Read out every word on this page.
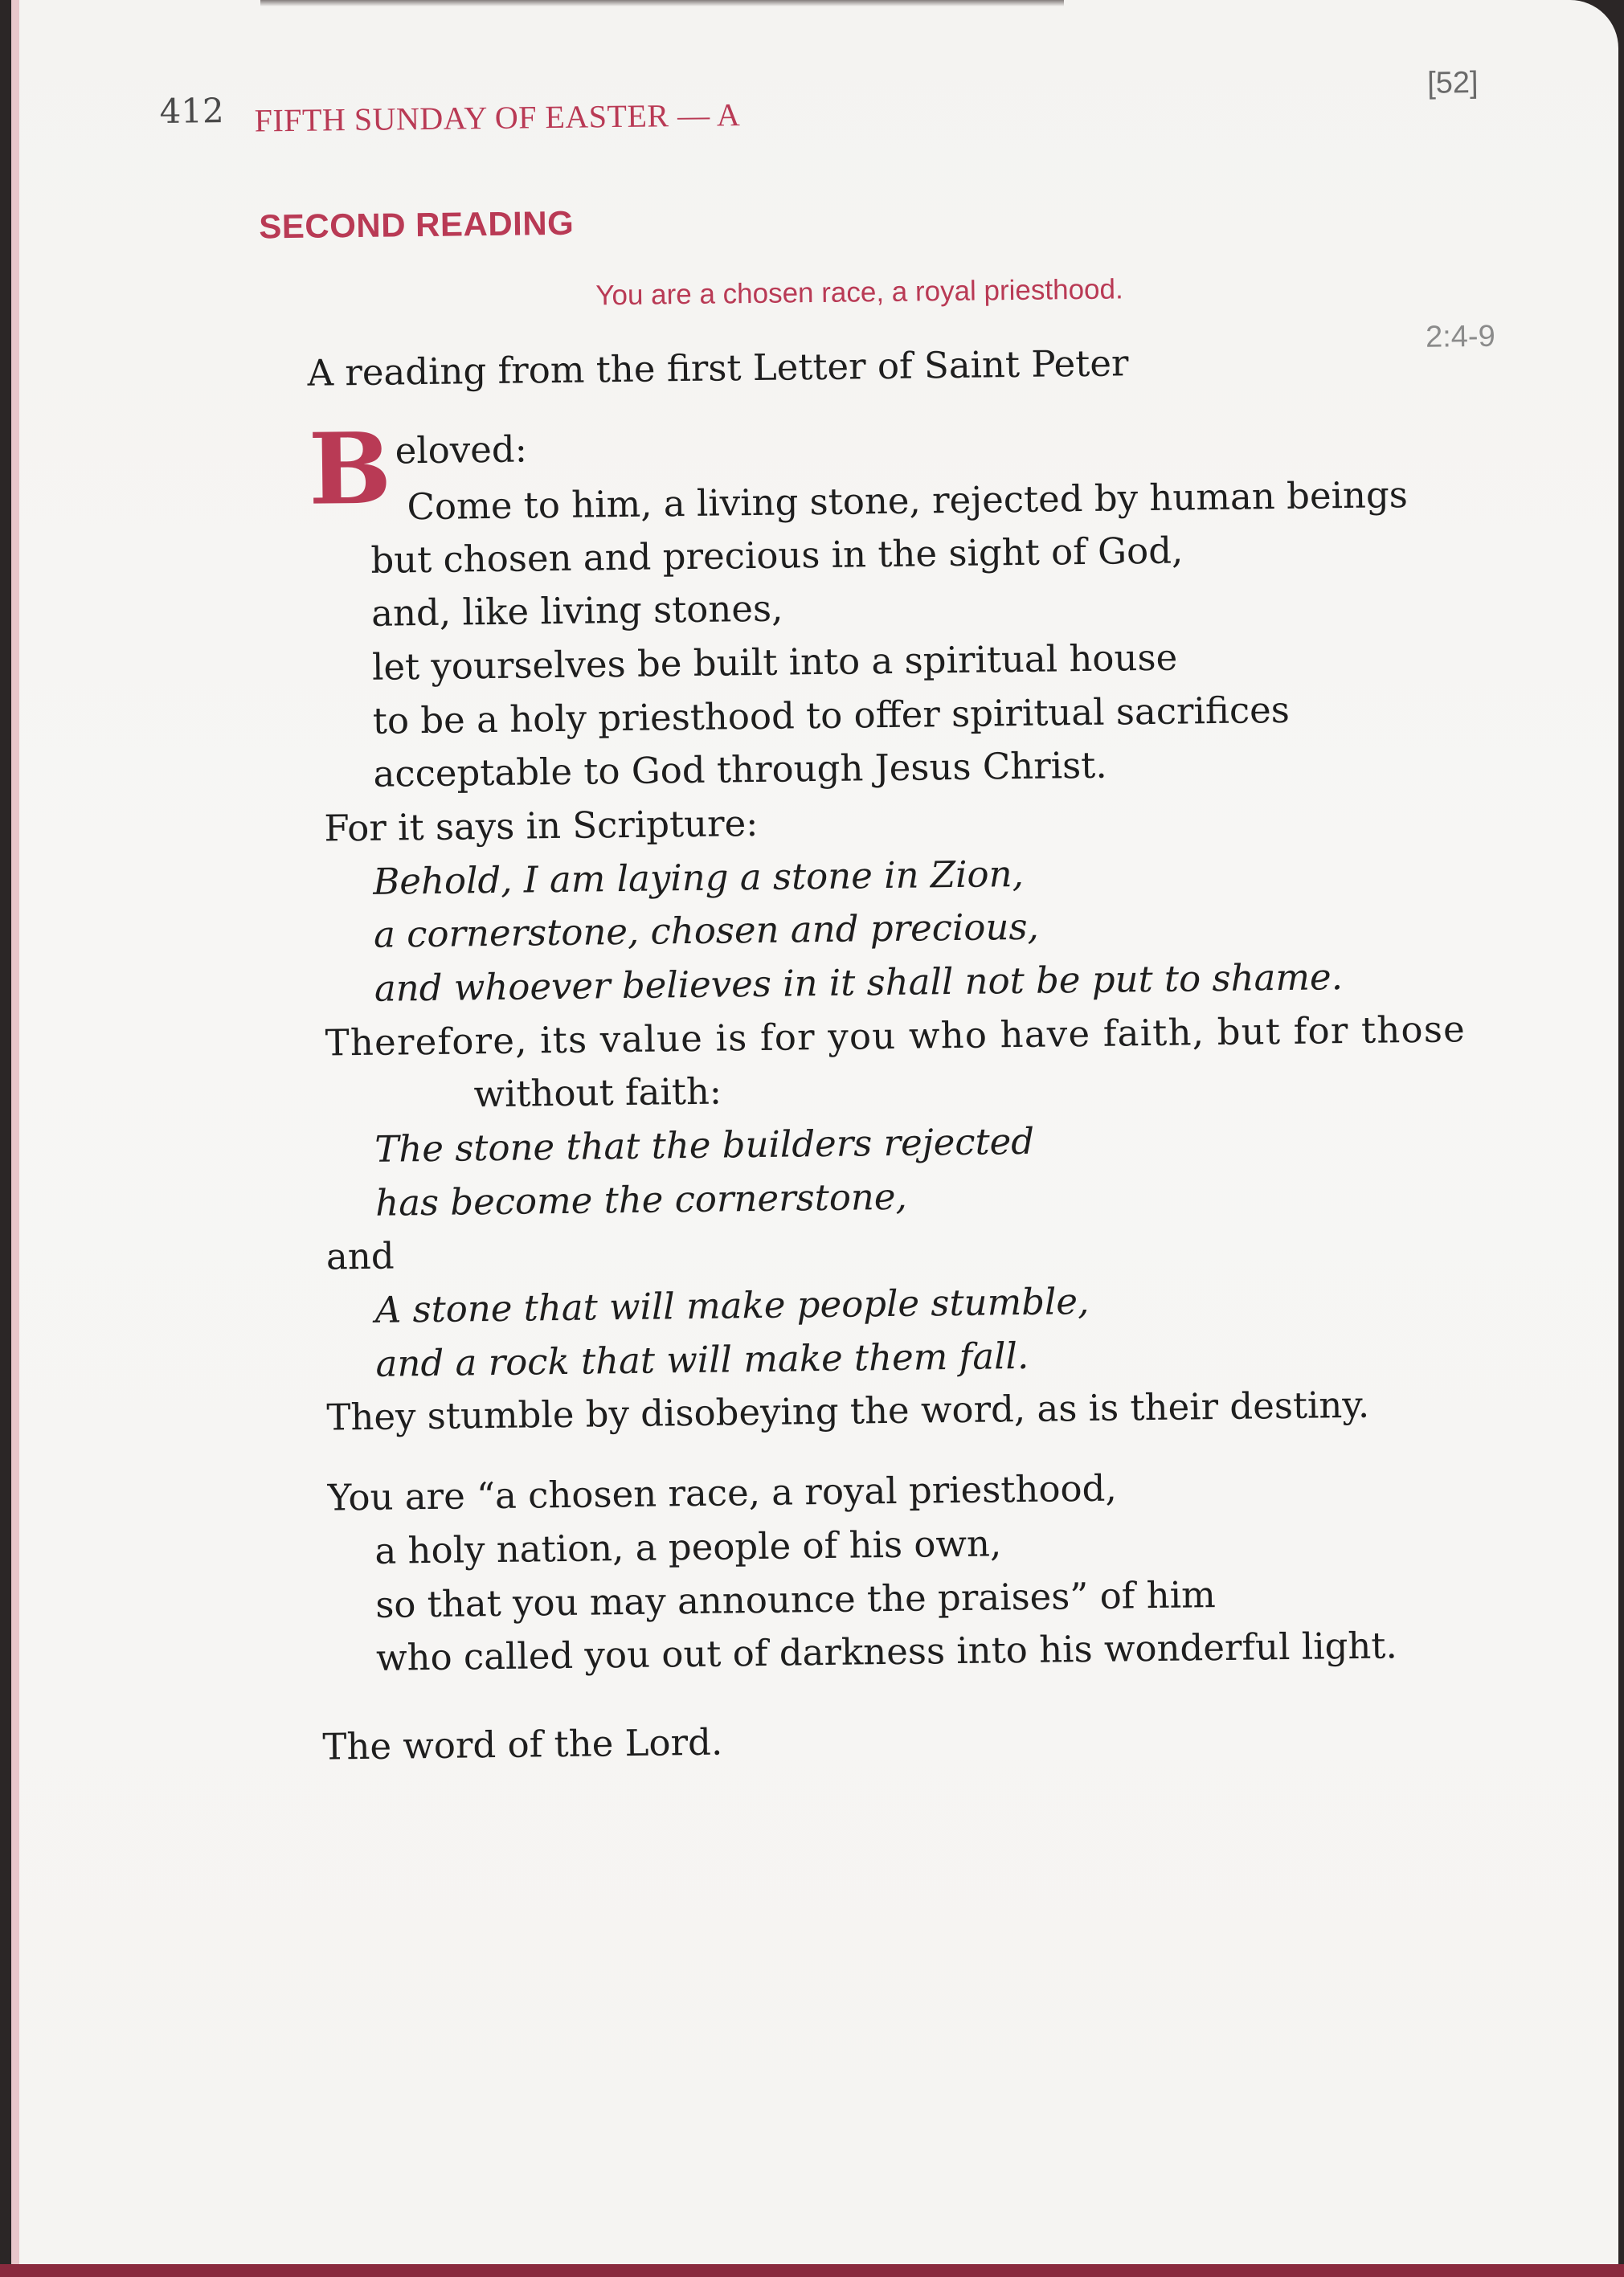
412 FIFTH SUNDAY OF EASTER — A
[52]
SECOND READING
You are a chosen race, a royal priesthood.
A reading from the first Letter of Saint Peter
2:4-9
B eloved:
Come to him, a living stone, rejected by human beings
but chosen and precious in the sight of God,
and, like living stones,
let yourselves be built into a spiritual house
to be a holy priesthood to offer spiritual sacrifices
acceptable to God through Jesus Christ.
For it says in Scripture:
Behold, I am laying a stone in Zion,
a cornerstone, chosen and precious,
and whoever believes in it shall not be put to shame.
Therefore, its value is for you who have faith, but for those
without faith:
The stone that the builders rejected
has become the cornerstone,
and
A stone that will make people stumble,
and a rock that will make them fall.
They stumble by disobeying the word, as is their destiny.
You are “a chosen race, a royal priesthood,
a holy nation, a people of his own,
so that you may announce the praises” of him
who called you out of darkness into his wonderful light.
The word of the Lord.
